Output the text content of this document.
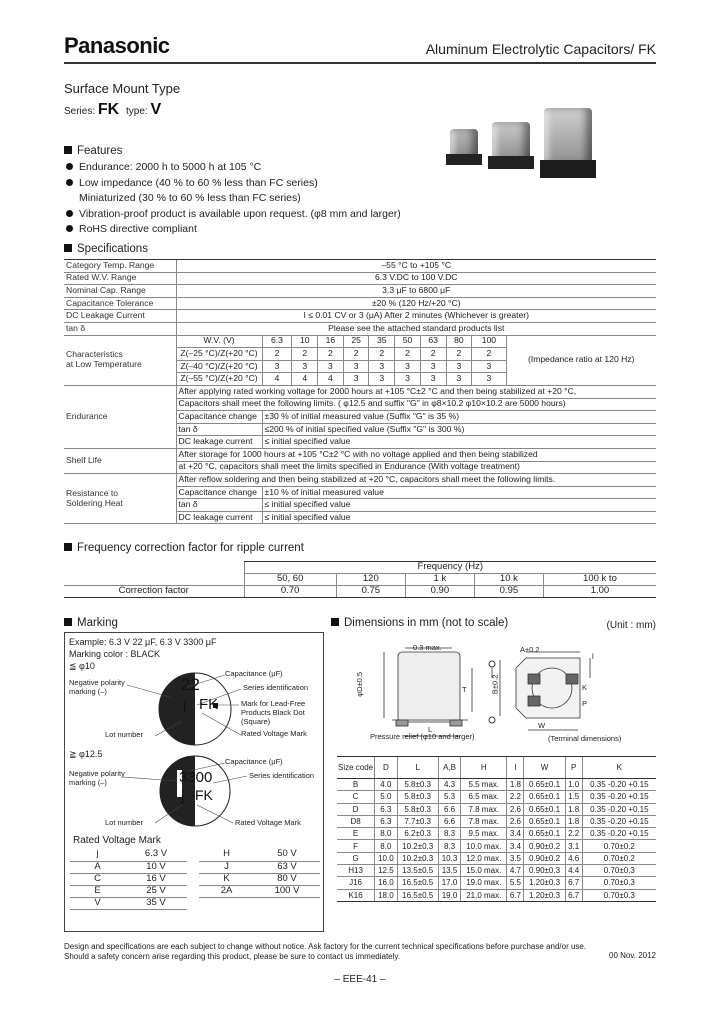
Panasonic	Aluminum Electrolytic Capacitors/ FK
Surface Mount Type
Series: FK type: V
Features
Endurance: 2000 h to 5000 h at 105 °C
Low impedance (40 % to 60 % less than FC series)
Miniaturized (30 % to 60 % less than FC series)
Vibration-proof product is available upon request. (φ8 mm and larger)
RoHS directive compliant
Specifications
Category Temp. Range	–55 °C to +105 °C										
Rated W.V. Range	6.3 V.DC to 100 V.DC										
Nominal Cap. Range	3.3 μF to 6800 μF										
Capacitance Tolerance	±20 % (120 Hz/+20 °C)										
DC Leakage Current	I ≤ 0.01 CV or 3 (μA) After 2 minutes (Whichever is greater)										
tan δ	Please see the attached standard products list										
Characteristics
at Low Temperature	W.V. (V)	6.3	10	16	25	35	50	63	80	100	(Impedance ratio at 120 Hz)
	Z(–25 °C)/Z(+20 °C)	2	2	2	2	2	2	2	2	2	
	Z(–40 °C)/Z(+20 °C)	3	3	3	3	3	3	3	3	3	
	Z(–55 °C)/Z(+20 °C)	4	4	4	3	3	3	3	3	3	
Endurance	After applying rated working voltage for 2000 hours at +105 °C±2 °C and then being stabilized at +20 °C,										
	Capacitors shall meet the following limits. ( φ12.5 and suffix "G" in φ8×10.2 φ10×10.2 are 5000 hours)										
	Capacitance change	±30 % of initial measured value (Suffix "G" is 35 %)									
	tan δ	≤200 % of initial specified value (Suffix "G" is 300 %)									
	DC leakage current	≤ initial specified value									
Shelf Life	After storage for 1000 hours at +105 °C±2 °C with no voltage applied and then being stabilized										
	at +20 °C, capacitors shall meet the limits specified in Endurance (With voltage treatment)										
Resistance to
Soldering Heat	After reflow soldering and then being stabilized at +20 °C, capacitors shall meet the following limits.										
	Capacitance change	±10 % of initial measured value									
	tan δ	≤ initial specified value									
	DC leakage current	≤ initial specified value									
Frequency correction factor for ripple current
	Frequency (Hz)				
	50, 60	120	1 k	10 k	100 k to
Correction factor	0.70	0.75	0.90	0.95	1.00
Marking
Example: 6.3 V 22 μF, 6.3 V 3300 μF
Marking color : BLACK
≦ φ10
22
j FK
Negative polarity
marking (–)
Capacitance (μF)
Series identification
Mark for Lead-Free
Products Black Dot
(Square)
Rated Voltage Mark
Lot number
≧ φ12.5
3300
j FK
Negative polarity
marking (–)
Capacitance (μF)
Series identification
Lot number	Rated Voltage Mark
Rated Voltage Mark
j	6.3 V		H	50 V
A	10 V		J	63 V
C	16 V		K	80 V
E	25 V		2A	100 V
V	35 V			
Dimensions in mm (not to scale)	(Unit : mm)
0.3 max.
φD±0.5
L
T
A±0.2
B±0.2
l
W
P
K
Pressure relief (φ10 and larger)	(Terminal dimensions)
Size code	D	L	A,B	H	I	W	P	K
B	4.0	5.8±0.3	4.3	5.5 max.	1.8	0.65±0.1	1.0	0.35 -0.20 +0.15
C	5.0	5.8±0.3	5.3	6.5 max.	2.2	0.65±0.1	1.5	0.35 -0.20 +0.15
D	6.3	5.8±0.3	6.6	7.8 max.	2.6	0.65±0.1	1.8	0.35 -0.20 +0.15
D8	6.3	7.7±0.3	6.6	7.8 max.	2.6	0.65±0.1	1.8	0.35 -0.20 +0.15
E	8.0	6.2±0.3	8.3	9.5 max.	3.4	0.65±0.1	2.2	0.35 -0.20 +0.15
F	8.0	10.2±0.3	8.3	10.0 max.	3.4	0.90±0.2	3.1	0.70±0.2
G	10.0	10.2±0.3	10.3	12.0 max.	3.5	0.90±0.2	4.6	0.70±0.2
H13	12.5	13.5±0.5	13.5	15.0 max.	4.7	0.90±0.3	4.4	0.70±0.3
J16	16.0	16.5±0.5	17.0	19.0 max.	5.5	1.20±0.3	6.7	0.70±0.3
K16	18.0	16.5±0.5	19.0	21.0 max.	6.7	1.20±0.3	6.7	0.70±0.3
Design and specifications are each subject to change without notice. Ask factory for the current technical specifications before purchase and/or use.
Should a safety concern arise regarding this product, please be sure to contact us immediately.	00 Nov. 2012
– EEE-41 –
